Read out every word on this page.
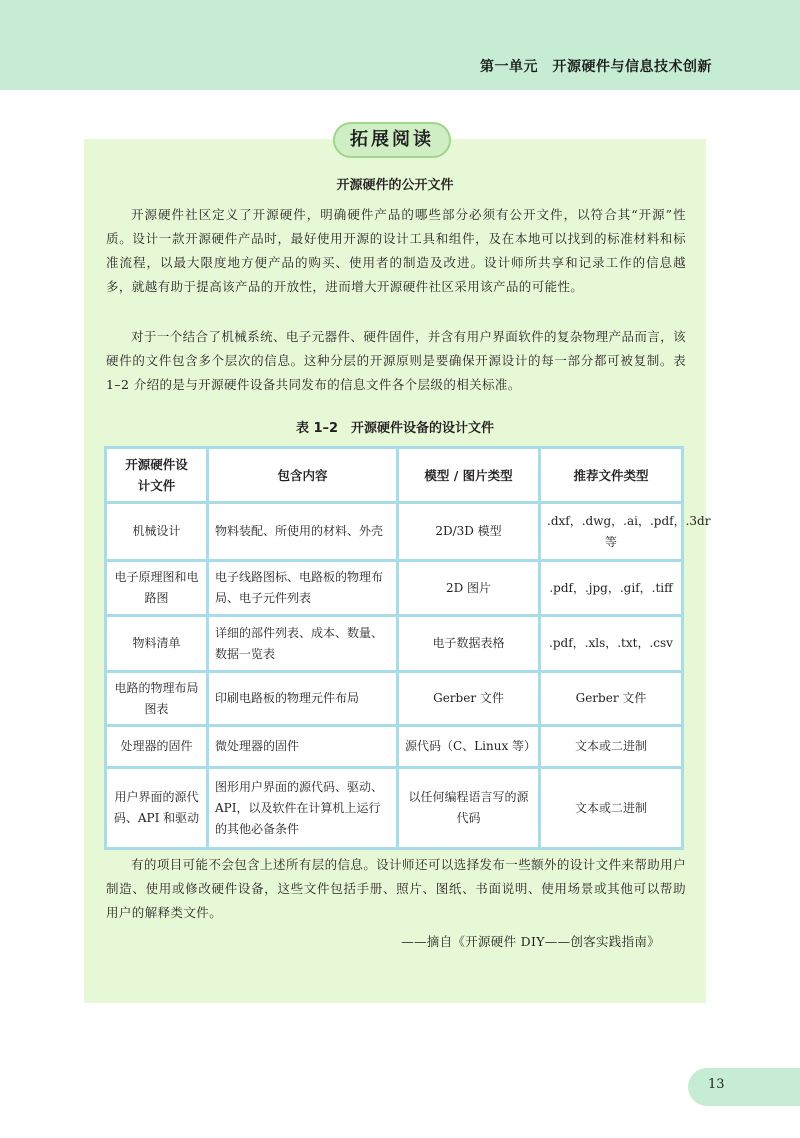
第一单元　开源硬件与信息技术创新
拓展阅读
开源硬件的公开文件

开源硬件社区定义了开源硬件，明确硬件产品的哪些部分必须有公开文件，以符合其“开源”性质。设计一款开源硬件产品时，最好使用开源的设计工具和组件，及在本地可以找到的标准材料和标准流程，以最大限度地方便产品的购买、使用者的制造及改进。设计师所共享和记录工作的信息越多，就越有助于提高该产品的开放性，进而增大开源硬件社区采用该产品的可能性。

对于一个结合了机械系统、电子元器件、硬件固件，并含有用户界面软件的复杂物理产品而言，该硬件的文件包含多个层次的信息。这种分层的开源原则是要确保开源设计的每一部分都可被复制。表 1–2 介绍的是与开源硬件设备共同发布的信息文件各个层级的相关标准。

表 1–2　开源硬件设备的设计文件
开源硬件设计文件	包含内容	模型 / 图片类型	推荐文件类型
机械设计	物料装配、所使用的材料、外壳	2D/3D 模型	.dxf，.dwg，.ai，.pdf，.3dr 等
电子原理图和电路图	电子线路图标、电路板的物理布局、电子元件列表	2D 图片	.pdf，.jpg，.gif，.tiff
物料清单	详细的部件列表、成本、数量、数据一览表	电子数据表格	.pdf，.xls，.txt，.csv
电路的物理布局图表	印刷电路板的物理元件布局	Gerber 文件	Gerber 文件
处理器的固件	微处理器的固件	源代码（C、Linux 等）	文本或二进制
用户界面的源代码、API 和驱动	图形用户界面的源代码、驱动、API，以及软件在计算机上运行的其他必备条件	以任何编程语言写的源代码	文本或二进制

有的项目可能不会包含上述所有层的信息。设计师还可以选择发布一些额外的设计文件来帮助用户制造、使用或修改硬件设备，这些文件包括手册、照片、图纸、书面说明、使用场景或其他可以帮助用户的解释类文件。

——摘自《开源硬件 DIY——创客实践指南》
13
